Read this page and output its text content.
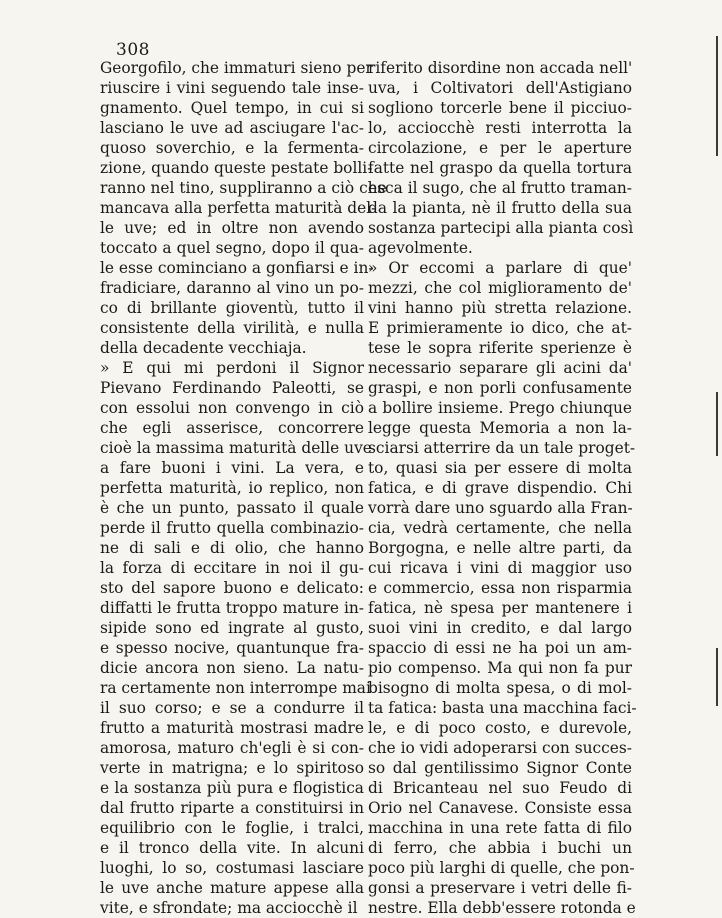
308
Georgofilo, che immaturi sieno per
riuscire i vini seguendo tale inse-
gnamento. Quel tempo, in cui si
lasciano le uve ad asciugare l'ac-
quoso soverchio, e la fermenta-
zione, quando queste pestate bolli-
ranno nel tino, suppliranno a ciò che
mancava alla perfetta maturità del-
le uve; ed in oltre non avendo
toccato a quel segno, dopo il qua-
le esse cominciano a gonfiarsi e in-
fradiciare, daranno al vino un po-
co di brillante gioventù, tutto il
consistente della virilità, e nulla
della decadente vecchiaja.
» E qui mi perdoni il Signor
Pievano Ferdinando Paleotti, se
con essolui non convengo in ciò
che egli asserisce, concorrere
cioè la massima maturità delle uve
a fare buoni i vini. La vera, e
perfetta maturità, io replico, non
è che un punto, passato il quale
perde il frutto quella combinazio-
ne di sali e di olio, che hanno
la forza di eccitare in noi il gu-
sto del sapore buono e delicato:
diffatti le frutta troppo mature in-
sipide sono ed ingrate al gusto,
e spesso nocive, quantunque fra-
dicie ancora non sieno. La natu-
ra certamente non interrompe mai
il suo corso; e se a condurre il
frutto a maturità mostrasi madre
amorosa, maturo ch'egli è si con-
verte in matrigna; e lo spiritoso
e la sostanza più pura e flogistica
dal frutto riparte a constituirsi in
equilibrio con le foglie, i tralci,
e il tronco della vite. In alcuni
luoghi, lo so, costumasi lasciare
le uve anche mature appese alla
vite, e sfrondate; ma acciocchè il
riferito disordine non accada nell'
uva, i Coltivatori dell'Astigiano
sogliono torcerle bene il picciuo-
lo, acciocchè resti interrotta la
circolazione, e per le aperture
fatte nel graspo da quella tortura
esca il sugo, che al frutto traman-
da la pianta, nè il frutto della sua
sostanza partecipi alla pianta così
agevolmente.
» Or eccomi a parlare di que'
mezzi, che col miglioramento de'
vini hanno più stretta relazione.
E primieramente io dico, che at-
tese le sopra riferite sperienze è
necessario separare gli acini da'
graspi, e non porli confusamente
a bollire insieme. Prego chiunque
legge questa Memoria a non la-
sciarsi atterrire da un tale proget-
to, quasi sia per essere di molta
fatica, e di grave dispendio. Chi
vorrà dare uno sguardo alla Fran-
cia, vedrà certamente, che nella
Borgogna, e nelle altre parti, da
cui ricava i vini di maggior uso
e commercio, essa non risparmia
fatica, nè spesa per mantenere i
suoi vini in credito, e dal largo
spaccio di essi ne ha poi un am-
pio compenso. Ma qui non fa pur
bisogno di molta spesa, o di mol-
ta fatica: basta una macchina faci-
le, e di poco costo, e durevole,
che io vidi adoperarsi con succes-
so dal gentilissimo Signor Conte
di Bricanteau nel suo Feudo di
Orio nel Canavese. Consiste essa
macchina in una rete fatta di filo
di ferro, che abbia i buchi un
poco più larghi di quelle, che pon-
gonsi a preservare i vetri delle fi-
nestre. Ella debb'essere rotonda e
